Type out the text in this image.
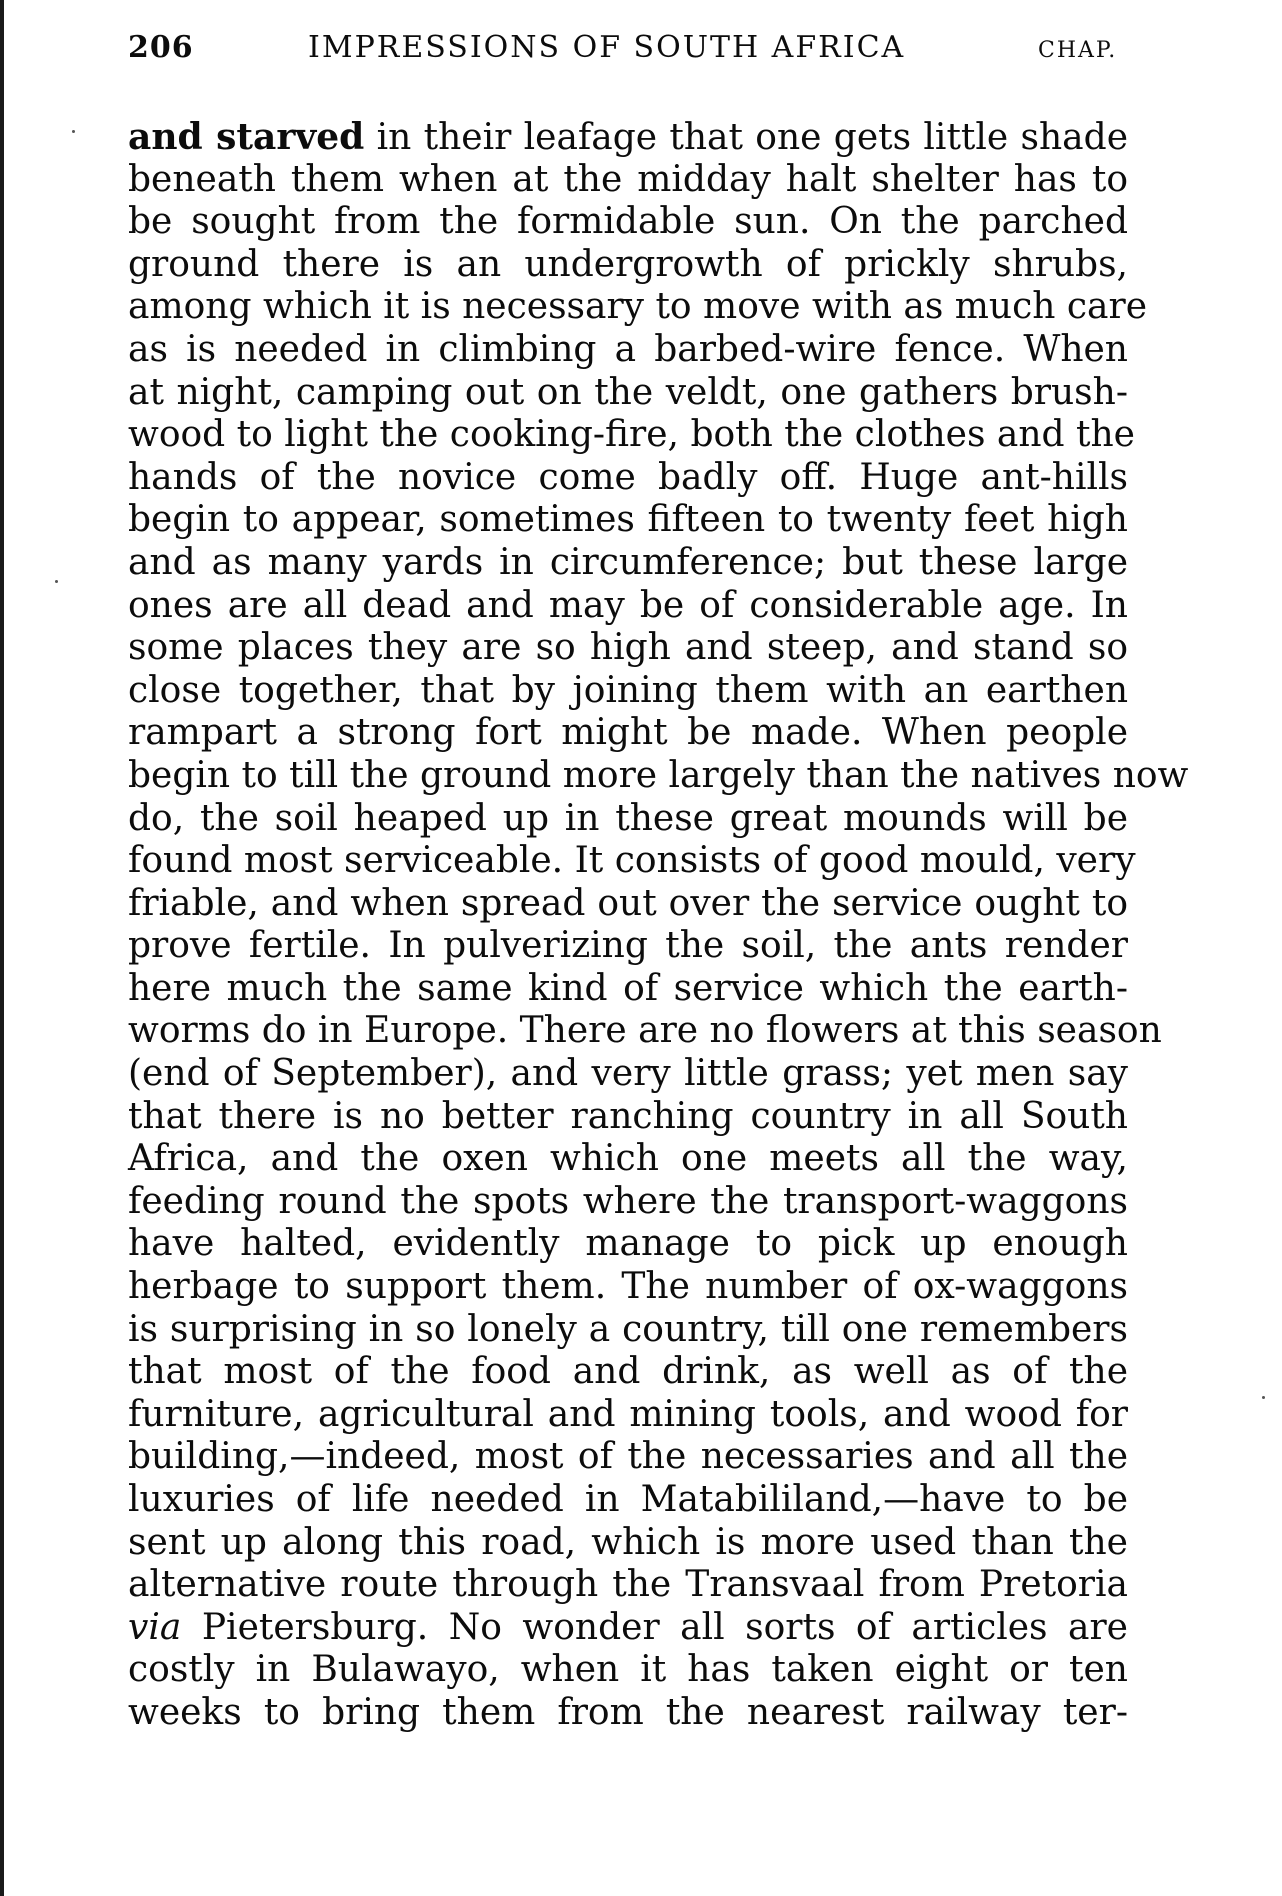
206	IMPRESSIONS OF SOUTH AFRICA	CHAP.
and starved in their leafage that one gets little shade
beneath them when at the midday halt shelter has to
be sought from the formidable sun. On the parched
ground there is an undergrowth of prickly shrubs,
among which it is necessary to move with as much care
as is needed in climbing a barbed-wire fence. When
at night, camping out on the veldt, one gathers brush-
wood to light the cooking-fire, both the clothes and the
hands of the novice come badly off. Huge ant-hills
begin to appear, sometimes fifteen to twenty feet high
and as many yards in circumference; but these large
ones are all dead and may be of considerable age. In
some places they are so high and steep, and stand so
close together, that by joining them with an earthen
rampart a strong fort might be made. When people
begin to till the ground more largely than the natives now
do, the soil heaped up in these great mounds will be
found most serviceable. It consists of good mould, very
friable, and when spread out over the service ought to
prove fertile. In pulverizing the soil, the ants render
here much the same kind of service which the earth-
worms do in Europe. There are no flowers at this season
(end of September), and very little grass; yet men say
that there is no better ranching country in all South
Africa, and the oxen which one meets all the way,
feeding round the spots where the transport-waggons
have halted, evidently manage to pick up enough
herbage to support them. The number of ox-waggons
is surprising in so lonely a country, till one remembers
that most of the food and drink, as well as of the
furniture, agricultural and mining tools, and wood for
building,—indeed, most of the necessaries and all the
luxuries of life needed in Matabililand,—have to be
sent up along this road, which is more used than the
alternative route through the Transvaal from Pretoria
via Pietersburg. No wonder all sorts of articles are
costly in Bulawayo, when it has taken eight or ten
weeks to bring them from the nearest railway ter-
